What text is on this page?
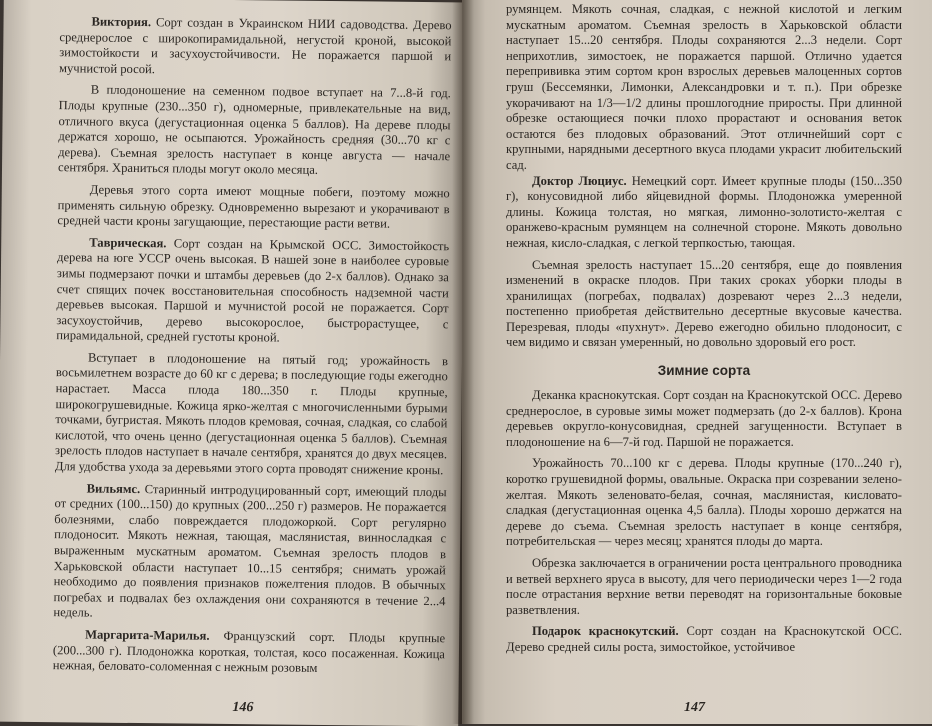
Виктория. Сорт создан в Украинском НИИ садоводства. Дерево среднерослое с широкопирамидальной, негустой кроной, высокой зимостойкости и засухоустойчивости. Не поражается паршой и мучнистой росой.

В плодоношение на семенном подвое вступает на 7...8-й год. Плоды крупные (230...350 г), одномерные, привлекательные на вид, отличного вкуса (дегустационная оценка 5 баллов). На дереве плоды держатся хорошо, не осыпаются. Урожайность средняя (30...70 кг с дерева). Съемная зрелость наступает в конце августа — начале сентября. Храниться плоды могут около месяца.

Деревья этого сорта имеют мощные побеги, поэтому можно применять сильную обрезку. Одновременно вырезают и укорачивают в средней части кроны загущающие, перестающие расти ветви.

Таврическая. Сорт создан на Крымской ОСС. Зимостойкость дерева на юге УССР очень высокая. В нашей зоне в наиболее суровые зимы подмерзают почки и штамбы деревьев (до 2-х баллов). Однако за счет спящих почек восстановительная способность надземной части деревьев высокая. Паршой и мучнистой росой не поражается. Сорт засухоустойчив, дерево высокорослое, быстрорастущее, с пирамидальной, средней густоты кроной.

Вступает в плодоношение на пятый год; урожайность в восьмилетнем возрасте до 60 кг с дерева; в последующие годы ежегодно нарастает. Масса плода 180...350 г. Плоды крупные, широкогрушевидные. Кожица ярко-желтая с многочисленными бурыми точками, бугристая. Мякоть плодов кремовая, сочная, сладкая, со слабой кислотой, что очень ценно (дегустационная оценка 5 баллов). Съемная зрелость плодов наступает в начале сентября, хранятся до двух месяцев. Для удобства ухода за деревьями этого сорта проводят снижение кроны.

Вильямс. Старинный интродуцированный сорт, имеющий плоды от средних (100...150) до крупных (200...250 г) размеров. Не поражается болезнями, слабо повреждается плодожоркой. Сорт регулярно плодоносит. Мякоть нежная, тающая, маслянистая, винносладкая с выраженным мускатным ароматом. Съемная зрелость плодов в Харьковской области наступает 10...15 сентября; снимать урожай необходимо до появления признаков пожелтения плодов. В обычных погребах и подвалах без охлаждения они сохраняются в течение 2...4 недель.

Маргарита-Марилья. Французский сорт. Плоды крупные (200...300 г). Плодоножка короткая, толстая, косо посаженная. Кожица нежная, беловато-соломенная с нежным розовым

146

румянцем. Мякоть сочная, сладкая, с нежной кислотой и легким мускатным ароматом. Съемная зрелость в Харьковской области наступает 15...20 сентября. Плоды сохраняются 2...3 недели. Сорт неприхотлив, зимостоек, не поражается паршой. Отлично удается перепрививка этим сортом крон взрослых деревьев малоценных сортов груш (Бессемянки, Лимонки, Александровки и т. п.). При обрезке укорачивают на 1/3—1/2 длины прошлогодние приросты. При длинной обрезке остающиеся почки плохо прорастают и основания веток остаются без плодовых образований. Этот отличнейший сорт с крупными, нарядными десертного вкуса плодами украсит любительский сад.

Доктор Люциус. Немецкий сорт. Имеет крупные плоды (150...350 г), конусовидной либо яйцевидной формы. Плодоножка умеренной длины. Кожица толстая, но мягкая, лимонно-золотисто-желтая с оранжево-красным румянцем на солнечной стороне. Мякоть довольно нежная, кисло-сладкая, с легкой терпкостью, тающая.

Съемная зрелость наступает 15...20 сентября, еще до появления изменений в окраске плодов. При таких сроках уборки плоды в хранилищах (погребах, подвалах) дозревают через 2...3 недели, постепенно приобретая действительно десертные вкусовые качества. Перезревая, плоды «пухнут». Дерево ежегодно обильно плодоносит, с чем видимо и связан умеренный, но довольно здоровый его рост.

Зимние сорта

Деканка краснокутская. Сорт создан на Краснокутской ОСС. Дерево среднерослое, в суровые зимы может подмерзать (до 2-х баллов). Крона деревьев округло-конусовидная, средней загущенности. Вступает в плодоношение на 6—7-й год. Паршой не поражается.

Урожайность 70...100 кг с дерева. Плоды крупные (170...240 г), коротко грушевидной формы, овальные. Окраска при созревании зелено-желтая. Мякоть зеленовато-белая, сочная, маслянистая, кисловато-сладкая (дегустационная оценка 4,5 балла). Плоды хорошо держатся на дереве до съема. Съемная зрелость наступает в конце сентября, потребительская — через месяц; хранятся плоды до марта.

Обрезка заключается в ограничении роста центрального проводника и ветвей верхнего яруса в высоту, для чего периодически через 1—2 года после отрастания верхние ветви переводят на горизонтальные боковые разветвления.

Подарок краснокутский. Сорт создан на Краснокутской ОСС. Дерево средней силы роста, зимостойкое, устойчивое

147
